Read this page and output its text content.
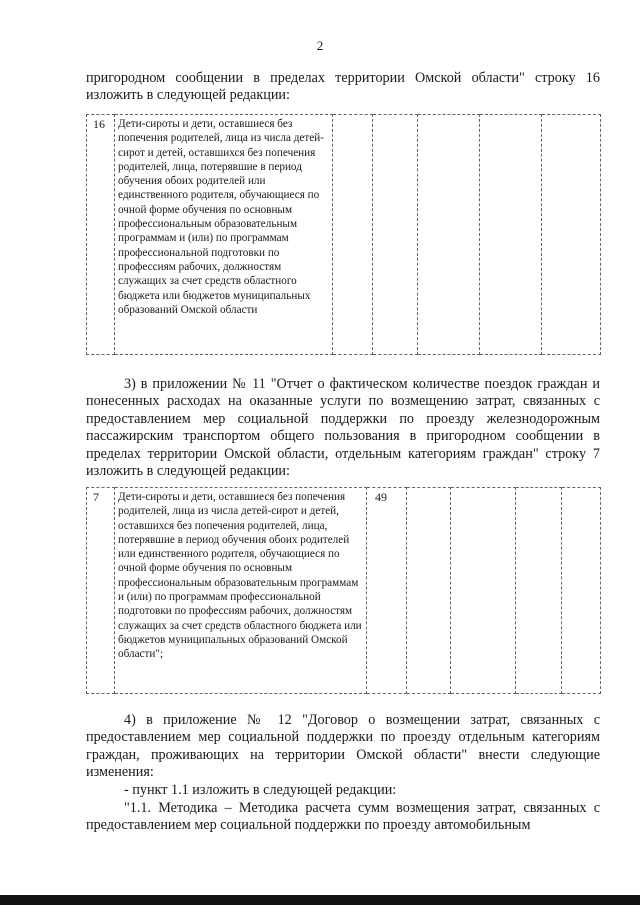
2
пригородном сообщении в пределах территории Омской области" строку 16 изложить в следующей редакции:
16	Дети-сироты и дети, оставшиеся без попечения родителей, лица из числа детей-сирот и детей, оставшихся без попечения родителей, лица, потерявшие в период обучения обоих родителей или единственного родителя, обучающиеся по очной форме обучения по основным профессиональным образовательным программам и (или) по программам профессиональной подготовки по профессиям рабочих, должностям служащих за счет средств областного бюджета или бюджетов муниципальных образований Омской области					
3) в приложении № 11 "Отчет о фактическом количестве поездок граждан и понесенных расходах на оказанные услуги по возмещению затрат, связанных с предоставлением мер социальной поддержки по проезду железнодорожным пассажирским транспортом общего пользования в пригородном сообщении в пределах территории Омской области, отдельным категориям граждан" строку 7 изложить в следующей редакции:
7	Дети-сироты и дети, оставшиеся без попечения родителей, лица из числа детей-сирот и детей, оставшихся без попечения родителей, лица, потерявшие в период обучения обоих родителей или единственного родителя, обучающиеся по очной форме обучения по основным профессиональным образовательным программам и (или) по программам профессиональной подготовки по профессиям рабочих, должностям служащих за счет средств областного бюджета или бюджетов муниципальных образований Омской области";	49				
4) в приложение № 12 "Договор о возмещении затрат, связанных с предоставлением мер социальной поддержки по проезду отдельным категориям граждан, проживающих на территории Омской области" внести следующие изменения:
- пункт 1.1 изложить в следующей редакции:
"1.1. Методика – Методика расчета сумм возмещения затрат, связанных с предоставлением мер социальной поддержки по проезду автомобильным
